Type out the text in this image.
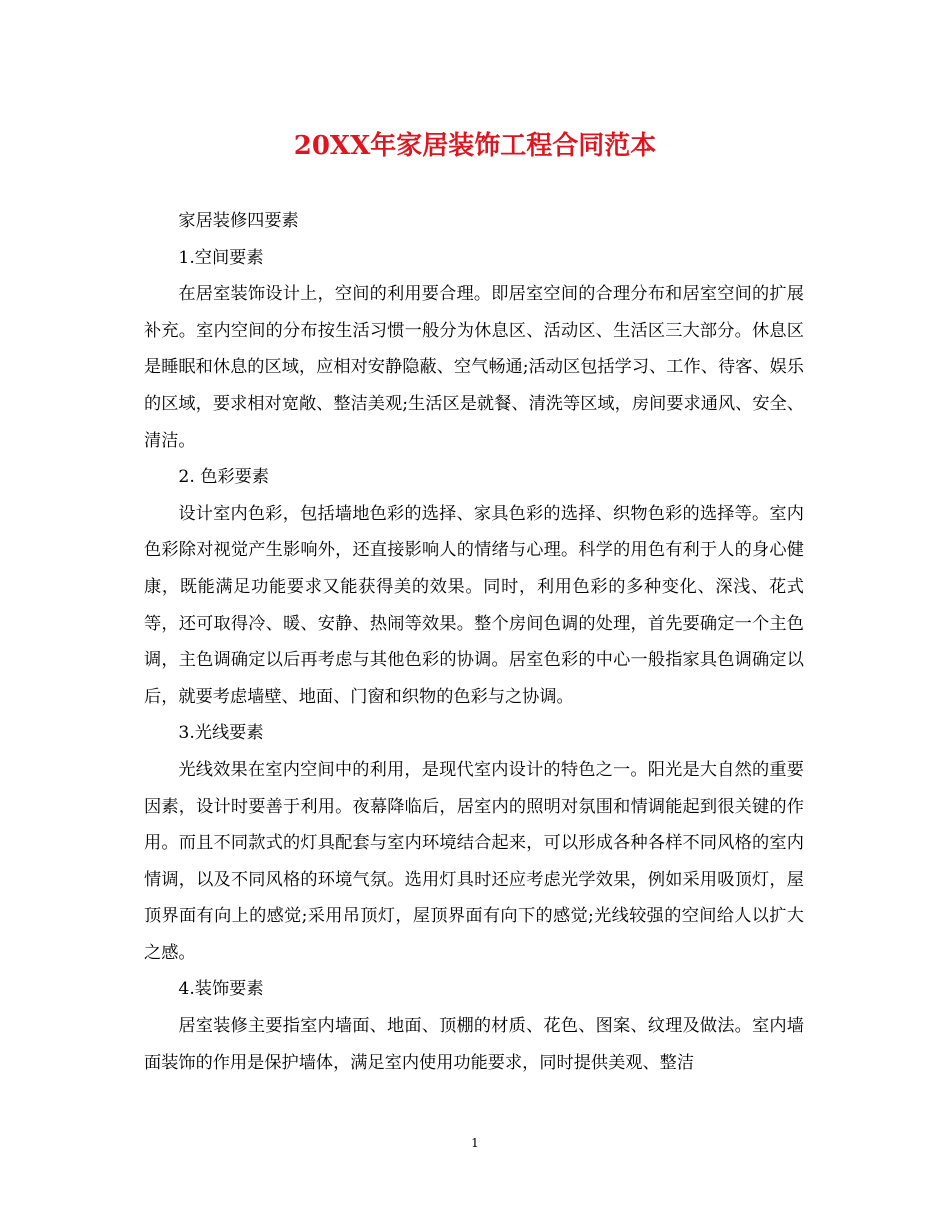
20XX年家居装饰工程合同范本

家居装修四要素

1.空间要素

在居室装饰设计上，空间的利用要合理。即居室空间的合理分布和居室空间的扩展补充。室内空间的分布按生活习惯一般分为休息区、活动区、生活区三大部分。休息区是睡眠和休息的区域，应相对安静隐蔽、空气畅通;活动区包括学习、工作、待客、娱乐的区域，要求相对宽敞、整洁美观;生活区是就餐、清洗等区域，房间要求通风、安全、清洁。

2. 色彩要素

设计室内色彩，包括墙地色彩的选择、家具色彩的选择、织物色彩的选择等。室内色彩除对视觉产生影响外，还直接影响人的情绪与心理。科学的用色有利于人的身心健康，既能满足功能要求又能获得美的效果。同时，利用色彩的多种变化、深浅、花式等，还可取得冷、暖、安静、热闹等效果。整个房间色调的处理，首先要确定一个主色调，主色调确定以后再考虑与其他色彩的协调。居室色彩的中心一般指家具色调确定以后，就要考虑墙壁、地面、门窗和织物的色彩与之协调。

3.光线要素

光线效果在室内空间中的利用，是现代室内设计的特色之一。阳光是大自然的重要因素，设计时要善于利用。夜幕降临后，居室内的照明对氛围和情调能起到很关键的作用。而且不同款式的灯具配套与室内环境结合起来，可以形成各种各样不同风格的室内情调，以及不同风格的环境气氛。选用灯具时还应考虑光学效果，例如采用吸顶灯，屋顶界面有向上的感觉;采用吊顶灯，屋顶界面有向下的感觉;光线较强的空间给人以扩大之感。

4.装饰要素

居室装修主要指室内墙面、地面、顶棚的材质、花色、图案、纹理及做法。室内墙面装饰的作用是保护墙体，满足室内使用功能要求，同时提供美观、整洁

1
